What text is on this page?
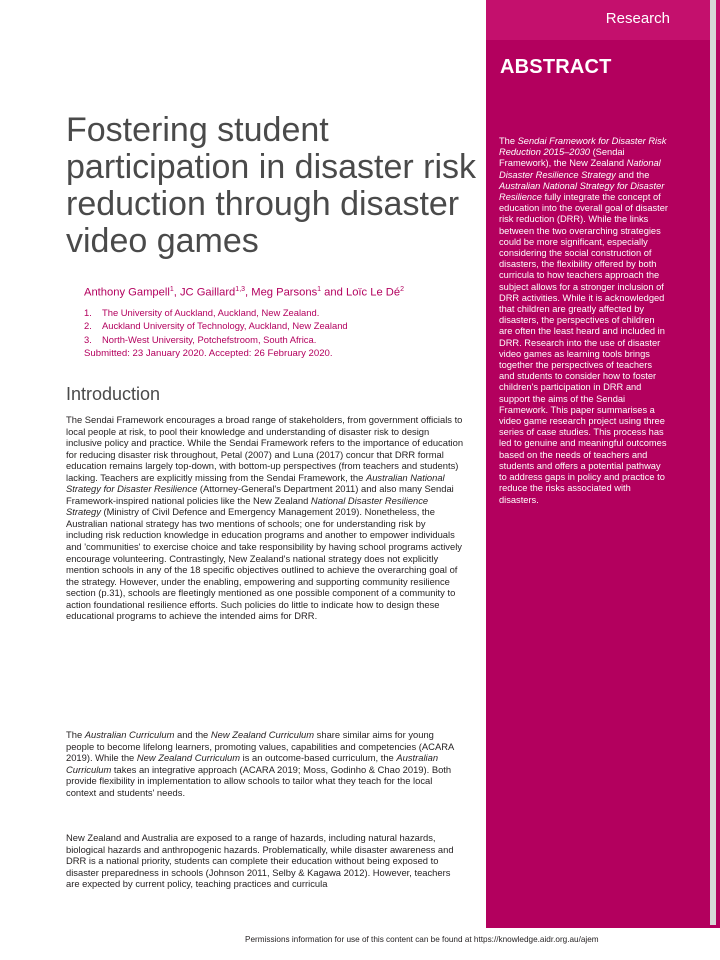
Research
ABSTRACT
The Sendai Framework for Disaster Risk Reduction 2015–2030 (Sendai Framework), the New Zealand National Disaster Resilience Strategy and the Australian National Strategy for Disaster Resilience fully integrate the concept of education into the overall goal of disaster risk reduction (DRR). While the links between the two overarching strategies could be more significant, especially considering the social construction of disasters, the flexibility offered by both curricula to how teachers approach the subject allows for a stronger inclusion of DRR activities. While it is acknowledged that children are greatly affected by disasters, the perspectives of children are often the least heard and included in DRR. Research into the use of disaster video games as learning tools brings together the perspectives of teachers and students to consider how to foster children's participation in DRR and support the aims of the Sendai Framework. This paper summarises a video game research project using three series of case studies. This process has led to genuine and meaningful outcomes based on the needs of teachers and students and offers a potential pathway to address gaps in policy and practice to reduce the risks associated with disasters.
Fostering student participation in disaster risk reduction through disaster video games
Anthony Gampell$^1$, JC Gaillard$^{1,3}$, Meg Parsons$^1$ and Loïc Le $Dé^2$
1. The University of Auckland, Auckland, New Zealand.
2. Auckland University of Technology, Auckland, New Zealand
3. North-West University, Potchefstroom, South Africa.
Submitted: 23 January 2020. Accepted: 26 February 2020.
Introduction
The Sendai Framework encourages a broad range of stakeholders, from government officials to local people at risk, to pool their knowledge and understanding of disaster risk to design inclusive policy and practice. While the Sendai Framework refers to the importance of education for reducing disaster risk throughout, Petal (2007) and Luna (2017) concur that DRR formal education remains largely top-down, with bottom-up perspectives (from teachers and students) lacking. Teachers are explicitly missing from the Sendai Framework, the Australian National Strategy for Disaster Resilience (Attorney-General's Department 2011) and also many Sendai Framework-inspired national policies like the New Zealand National Disaster Resilience Strategy (Ministry of Civil Defence and Emergency Management 2019). Nonetheless, the Australian national strategy has two mentions of schools; one for understanding risk by including risk reduction knowledge in education programs and another to empower individuals and 'communities' to exercise choice and take responsibility by having school programs actively encourage volunteering. Contrastingly, New Zealand's national strategy does not explicitly mention schools in any of the 18 specific objectives outlined to achieve the overarching goal of the strategy. However, under the enabling, empowering and supporting community resilience section (p.31), schools are fleetingly mentioned as one possible component of a community to action foundational resilience efforts. Such policies do little to indicate how to design these educational programs to achieve the intended aims for DRR.
The Australian Curriculum and the New Zealand Curriculum share similar aims for young people to become lifelong learners, promoting values, capabilities and competencies (ACARA 2019). While the New Zealand Curriculum is an outcome-based curriculum, the Australian Curriculum takes an integrative approach (ACARA 2019; Moss, Godinho & Chao 2019). Both provide flexibility in implementation to allow schools to tailor what they teach for the local context and students' needs.
New Zealand and Australia are exposed to a range of hazards, including natural hazards, biological hazards and anthropogenic hazards. Problematically, while disaster awareness and DRR is a national priority, students can complete their education without being exposed to disaster preparedness in schools (Johnson 2011, Selby & Kagawa 2012). However, teachers are expected by current policy, teaching practices and curricula
Permissions information for use of this content can be found at https://knowledge.aidr.org.au/ajem
